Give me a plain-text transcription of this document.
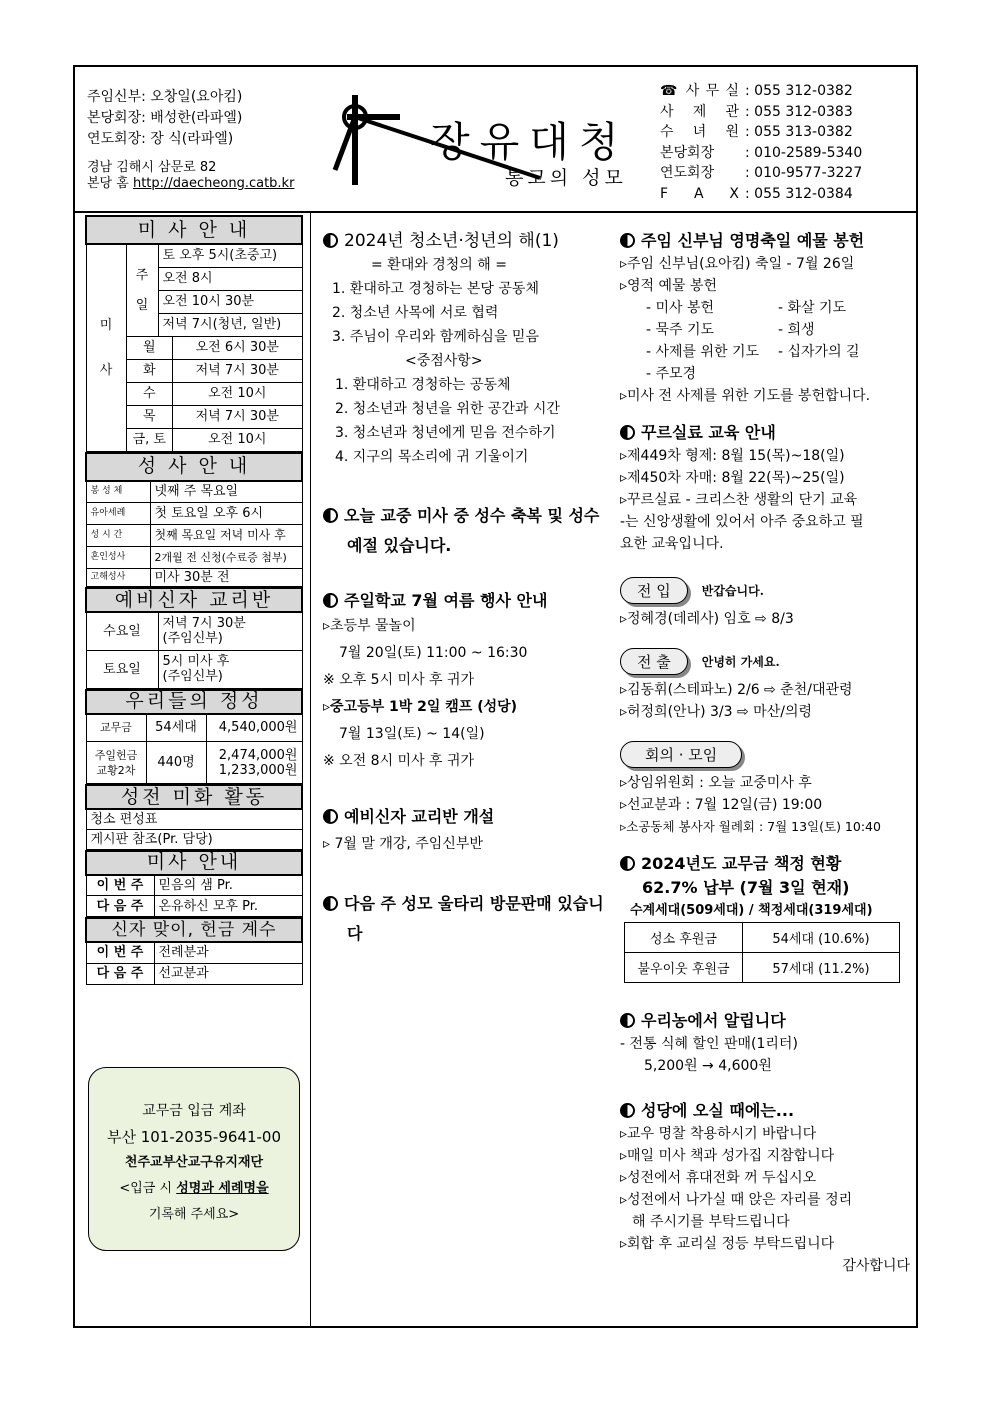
주임신부: 오창일(요아킴)
본당회장: 배성한(라파엘)
연도회장: 장 식(라파엘)
경남 김해시 삼문로 82
본당 홈 http://daecheong.catb.kr
장유대청
통고의 성모
☎ 사 무 실 : 055 312-0382
사 제 관 : 055 312-0383
수 녀 원 : 055 313-0382
본당회장	: 010-2589-5340
연도회장	: 010-9577-3227
F A X : 055 312-0384
미 사 안 내			
미

사	주

일	토 오후 5시(초중고)	
		오전 8시	
		오전 10시 30분	
		저녁 7시(청년, 일반)	
	월		오전 6시 30분
	화		저녁 7시 30분
	수		오전 10시
	목		저녁 7시 30분
	금, 토		오전 10시
성 사 안 내	
봉 성 체	넷째 주 목요일
유아세례	첫 토요일 오후 6시
성 시 간	첫째 목요일 저녁 미사 후
혼인성사	2개월 전 신청(수료증 첨부)
고해성사	미사 30분 전
예비신자 교리반	
수요일	저녁 7시 30분
(주임신부)
토요일	5시 미사 후
(주임신부)
우리들의 정성		
교무금	54세대	4,540,000원
주일헌금
교황2차	440명	2,474,000원
1,233,000원
성전 미화 활동
청소 편성표
게시판 참조(Pr. 담당)
미사 안내	
이 번 주	믿음의 샘 Pr.
다 음 주	온유하신 모후 Pr.
신자 맞이, 헌금 계수	
이 번 주	전례분과
다 음 주	선교분과
교무금 입금 계좌
부산 101-2035-9641-00
천주교부산교구유지재단
<입금 시 성명과 세례명을
기록해 주세요>
2024년 청소년·청년의 해(1)
= 환대와 경청의 해 =
1. 환대하고 경청하는 본당 공동체
2. 청소년 사목에 서로 협력
3. 주님이 우리와 함께하심을 믿음
<중점사항>
1. 환대하고 경청하는 공동체
2. 청소년과 청년을 위한 공간과 시간
3. 청소년과 청년에게 믿음 전수하기
4. 지구의 목소리에 귀 기울이기
오늘 교중 미사 중 성수 축복 및 성수 예절 있습니다.
주일학교 7월 여름 행사 안내
▹초등부 물놀이
7월 20일(토) 11:00 ~ 16:30
※ 오후 5시 미사 후 귀가
▹중고등부 1박 2일 캠프 (성당)
7월 13일(토) ~ 14(일)
※ 오전 8시 미사 후 귀가
예비신자 교리반 개설
▹ 7월 말 개강, 주임신부반
다음 주 성모 울타리 방문판매 있습니다
주임 신부님 영명축일 예물 봉헌
▹주임 신부님(요아킴) 축일 - 7월 26일
▹영적 예물 봉헌
- 미사 봉헌	- 화살 기도
- 묵주 기도	- 희생
- 사제를 위한 기도	- 십자가의 길
- 주모경
▹미사 전 사제를 위한 기도를 봉헌합니다.
꾸르실료 교육 안내
▹제449차 형제: 8월 15(목)~18(일)
▹제450차 자매: 8월 22(목)~25(일)
▹꾸르실료 - 크리스찬 생활의 단기 교육
-는 신앙생활에 있어서 아주 중요하고 필
요한 교육입니다.
전 입	반갑습니다.
▹정혜경(데레사) 임호 ⇨ 8/3
전 출	안녕히 가세요.
▹김동휘(스테파노) 2/6 ⇨ 춘천/대관령
▹허정희(안나) 3/3 ⇨ 마산/의령
회의 · 모임
▹상임위원회 : 오늘 교중미사 후
▹선교분과 : 7월 12일(금) 19:00
▹소공동체 봉사자 월례회 : 7월 13일(토) 10:40
2024년도 교무금 책정 현황
62.7% 납부 (7월 3일 현재)
수계세대(509세대) / 책정세대(319세대)
성소 후원금	54세대 (10.6%)
불우이웃 후원금	57세대 (11.2%)
우리농에서 알립니다
- 전통 식혜 할인 판매(1리터)
5,200원 → 4,600원
성당에 오실 때에는...
▹교우 명찰 착용하시기 바랍니다
▹매일 미사 책과 성가집 지참합니다
▹성전에서 휴대전화 꺼 두십시오
▹성전에서 나가실 때 앉은 자리를 정리
해 주시기를 부탁드립니다
▹회합 후 교리실 정등 부탁드립니다
감사합니다
